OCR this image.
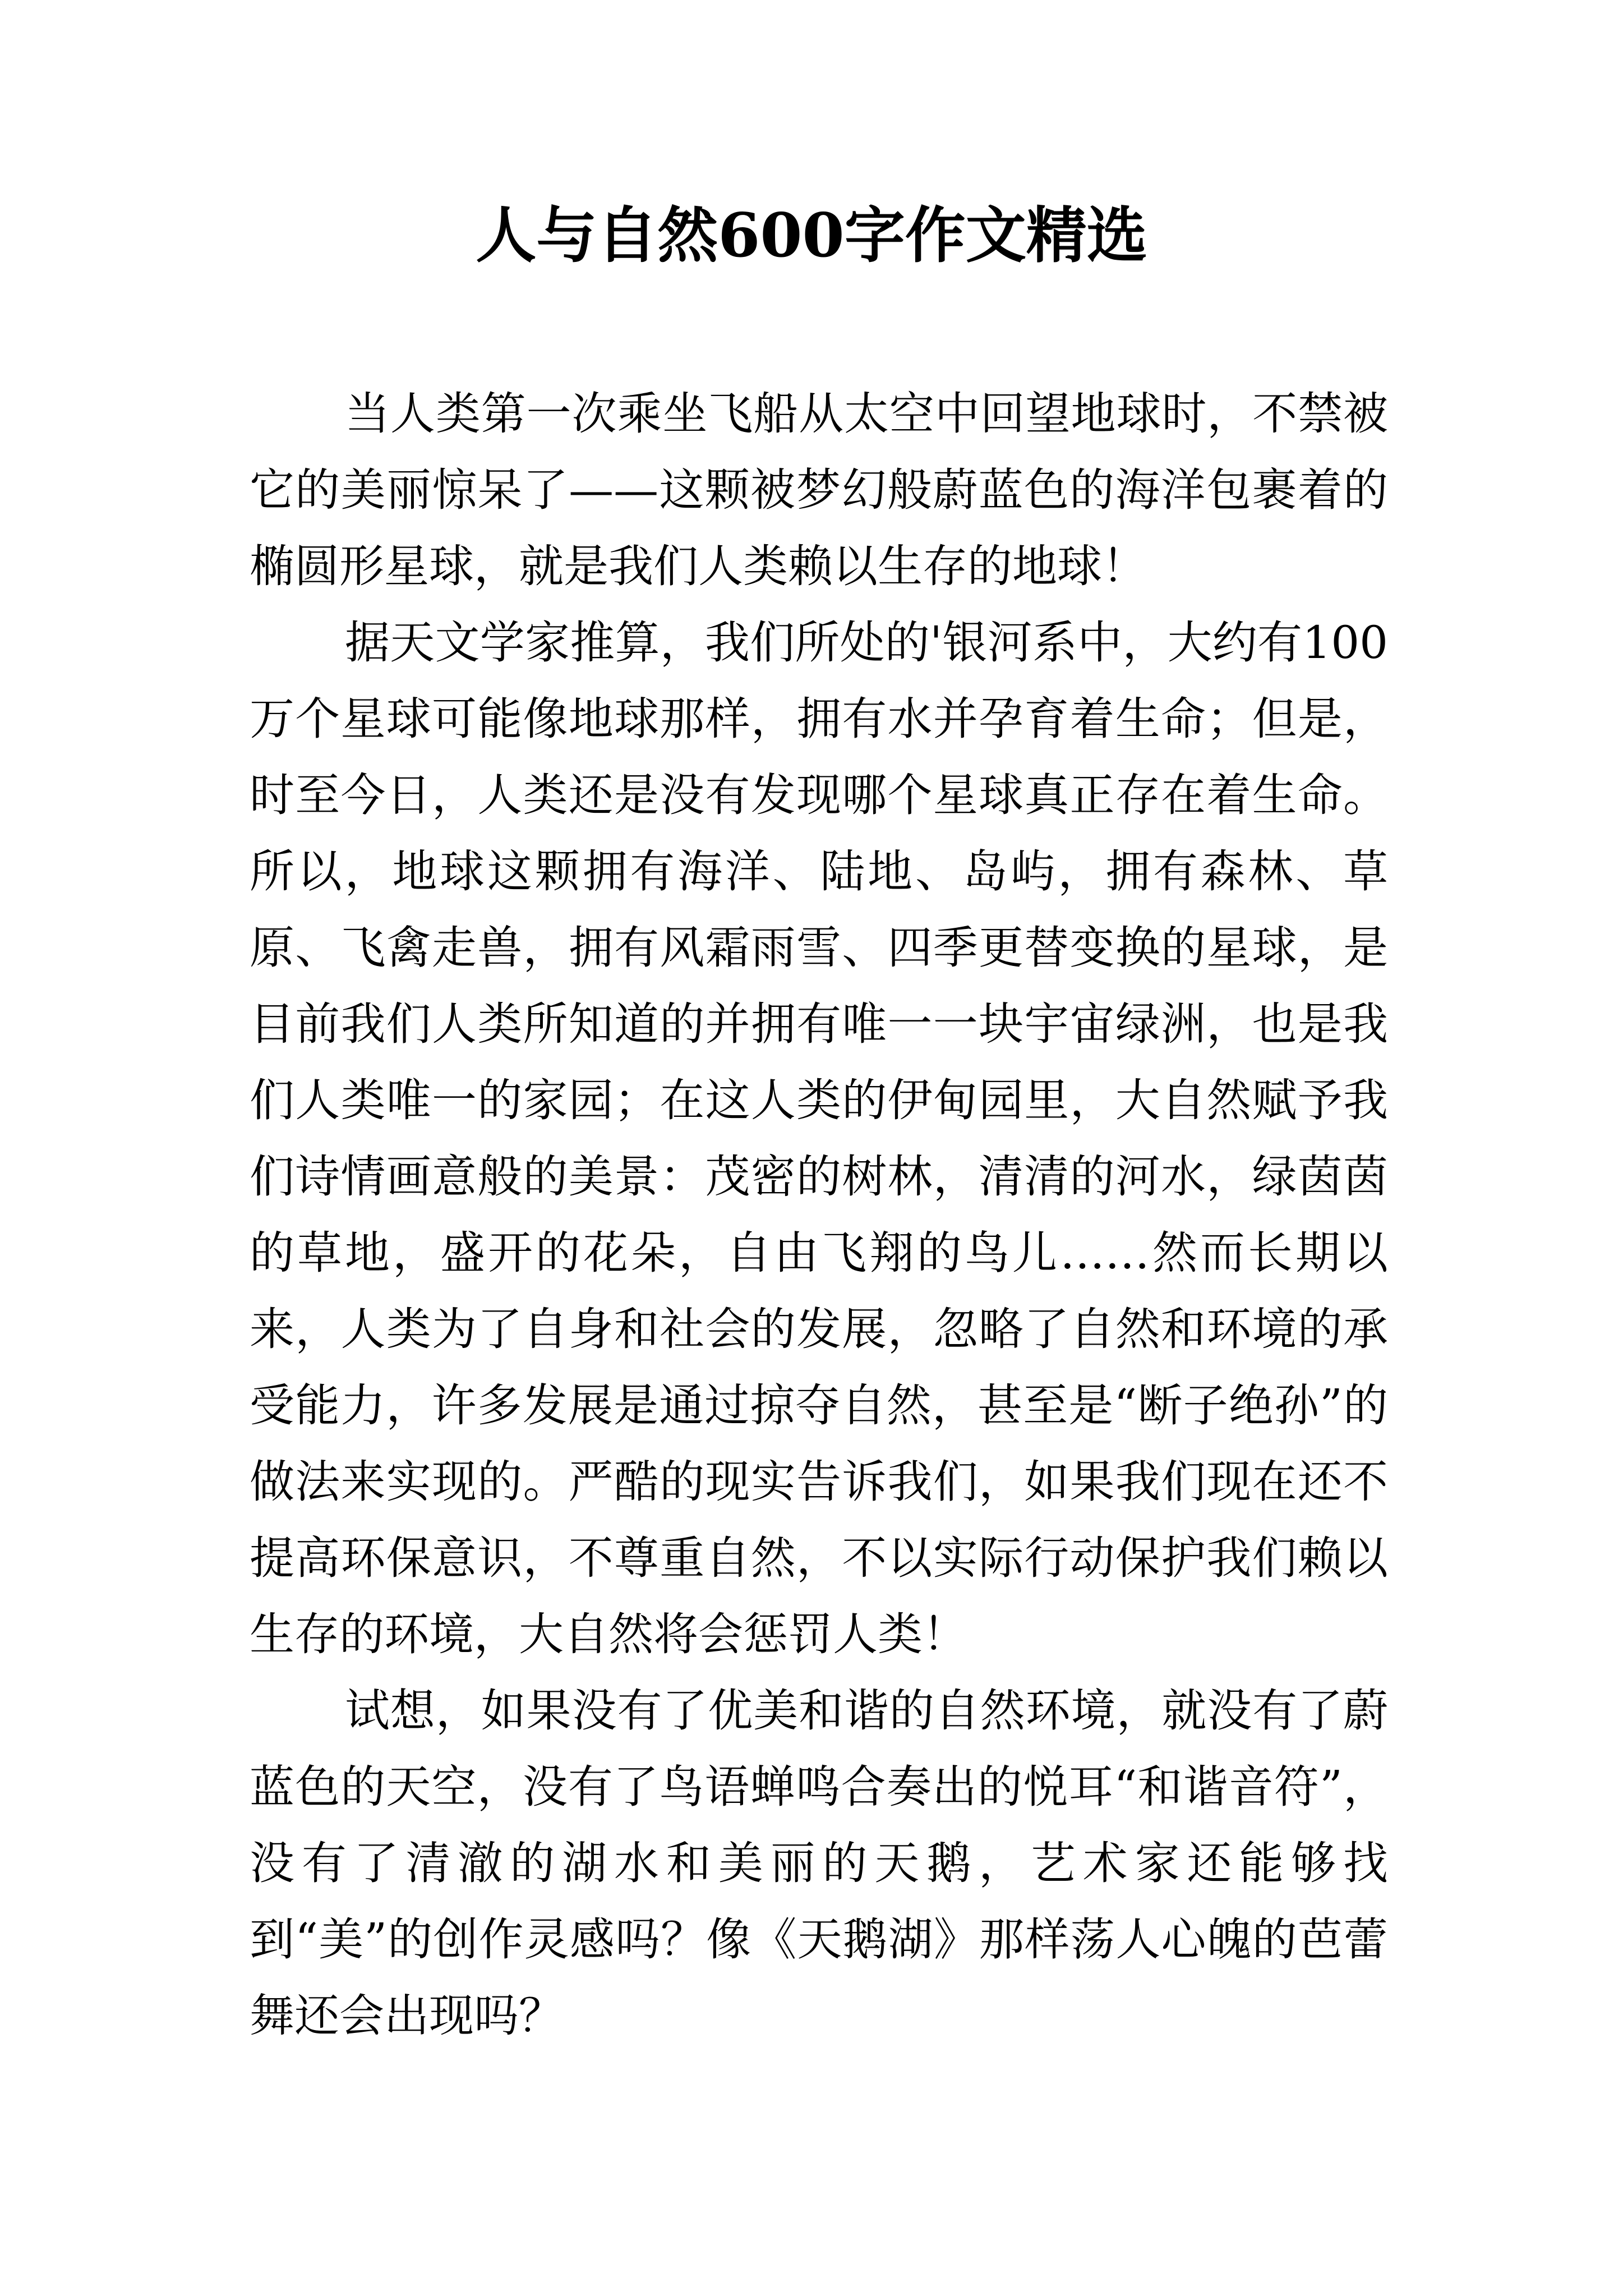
人与自然600字作文精选

当人类第一次乘坐飞船从太空中回望地球时，不禁被它的美丽惊呆了——这颗被梦幻般蔚蓝色的海洋包裹着的椭圆形星球，就是我们人类赖以生存的地球！

据天文学家推算，我们所处的'银河系中，大约有100万个星球可能像地球那样，拥有水并孕育着生命；但是，时至今日，人类还是没有发现哪个星球真正存在着生命。所以，地球这颗拥有海洋、陆地、岛屿，拥有森林、草原、飞禽走兽，拥有风霜雨雪、四季更替变换的星球，是目前我们人类所知道的并拥有唯一一块宇宙绿洲，也是我们人类唯一的家园；在这人类的伊甸园里，大自然赋予我们诗情画意般的美景：茂密的树林，清清的河水，绿茵茵的草地，盛开的花朵，自由飞翔的鸟儿……然而长期以来，人类为了自身和社会的发展，忽略了自然和环境的承受能力，许多发展是通过掠夺自然，甚至是“断子绝孙”的做法来实现的。严酷的现实告诉我们，如果我们现在还不提高环保意识，不尊重自然，不以实际行动保护我们赖以生存的环境，大自然将会惩罚人类！

试想，如果没有了优美和谐的自然环境，就没有了蔚蓝色的天空，没有了鸟语蝉鸣合奏出的悦耳“和谐音符”，没有了清澈的湖水和美丽的天鹅，艺术家还能够找到“美”的创作灵感吗？像《天鹅湖》那样荡人心魄的芭蕾舞还会出现吗？
